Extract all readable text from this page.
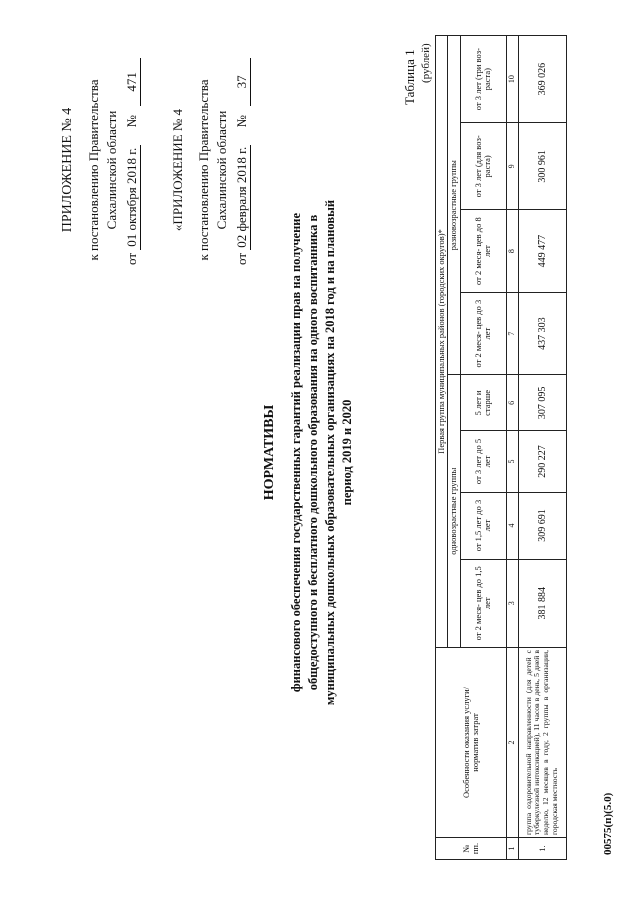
ПРИЛОЖЕНИЕ № 4 к постановлению Правительства Сахалинской области
от 01 октября 2018 г. № 471
«ПРИЛОЖЕНИЕ № 4 к постановлению Правительства Сахалинской области
от 02 февраля 2018 г. № 37
НОРМАТИВЫ финансового обеспечения государственных гарантий реализации прав на получение общедоступного и бесплатного дошкольного образования на одного воспитанника в муниципальных дошкольных образовательных организациях на 2018 год и на плановый период 2019 и 2020
Таблица 1 (рублей)
№ пп.	Особенности оказания услуги/ норматив затрат	Первая группа муниципальных районов (городских округов)*							
		одновозрастные группы				разновозрастные группы			
		от 2 меся- цев до 1,5 лет	от 1,5 лет до 3 лет	от 3 лет до 5 лет	5 лет и старше	от 2 меся- цев до 3 лет	от 2 меся- цев до 8 лет	от 3 лет (для воз- раста)	от 3 лет (три воз- раста)
1	2	3	4	5	6	7	8	9	10
1.	группа оздоровительной направленности (для детей с туберкулезной интоксикацией), 11 часов в день, 5 дней в неделю, 12 месяцев в году, 2 группы в организации, городская местность	381 884	309 691	290 227	307 095	437 303	449 477	300 961	369 026
00575(п)(5.0)
